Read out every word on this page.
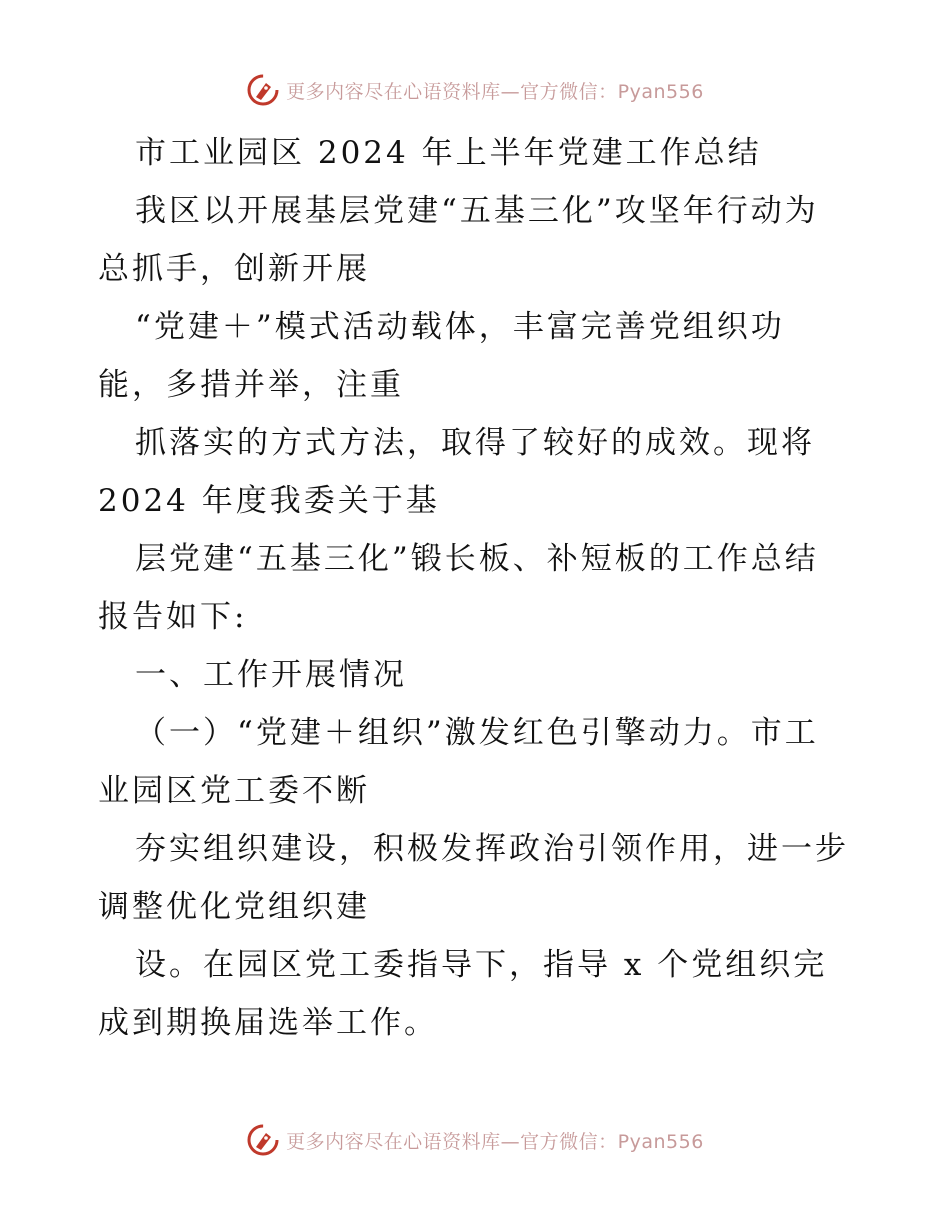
更多内容尽在心语资料库—官方微信：Pyan556
市工业园区 2024 年上半年党建工作总结
我区以开展基层党建“五基三化”攻坚年行动为
总抓手，创新开展
“党建＋”模式活动载体，丰富完善党组织功
能，多措并举，注重
抓落实的方式方法，取得了较好的成效。现将
2024 年度我委关于基
层党建“五基三化”锻长板、补短板的工作总结
报告如下:
一、工作开展情况
（一）“党建＋组织”激发红色引擎动力。市工
业园区党工委不断
夯实组织建设，积极发挥政治引领作用，进一步
调整优化党组织建
设。在园区党工委指导下，指导 x 个党组织完
成到期换届选举工作。
更多内容尽在心语资料库—官方微信：Pyan556
